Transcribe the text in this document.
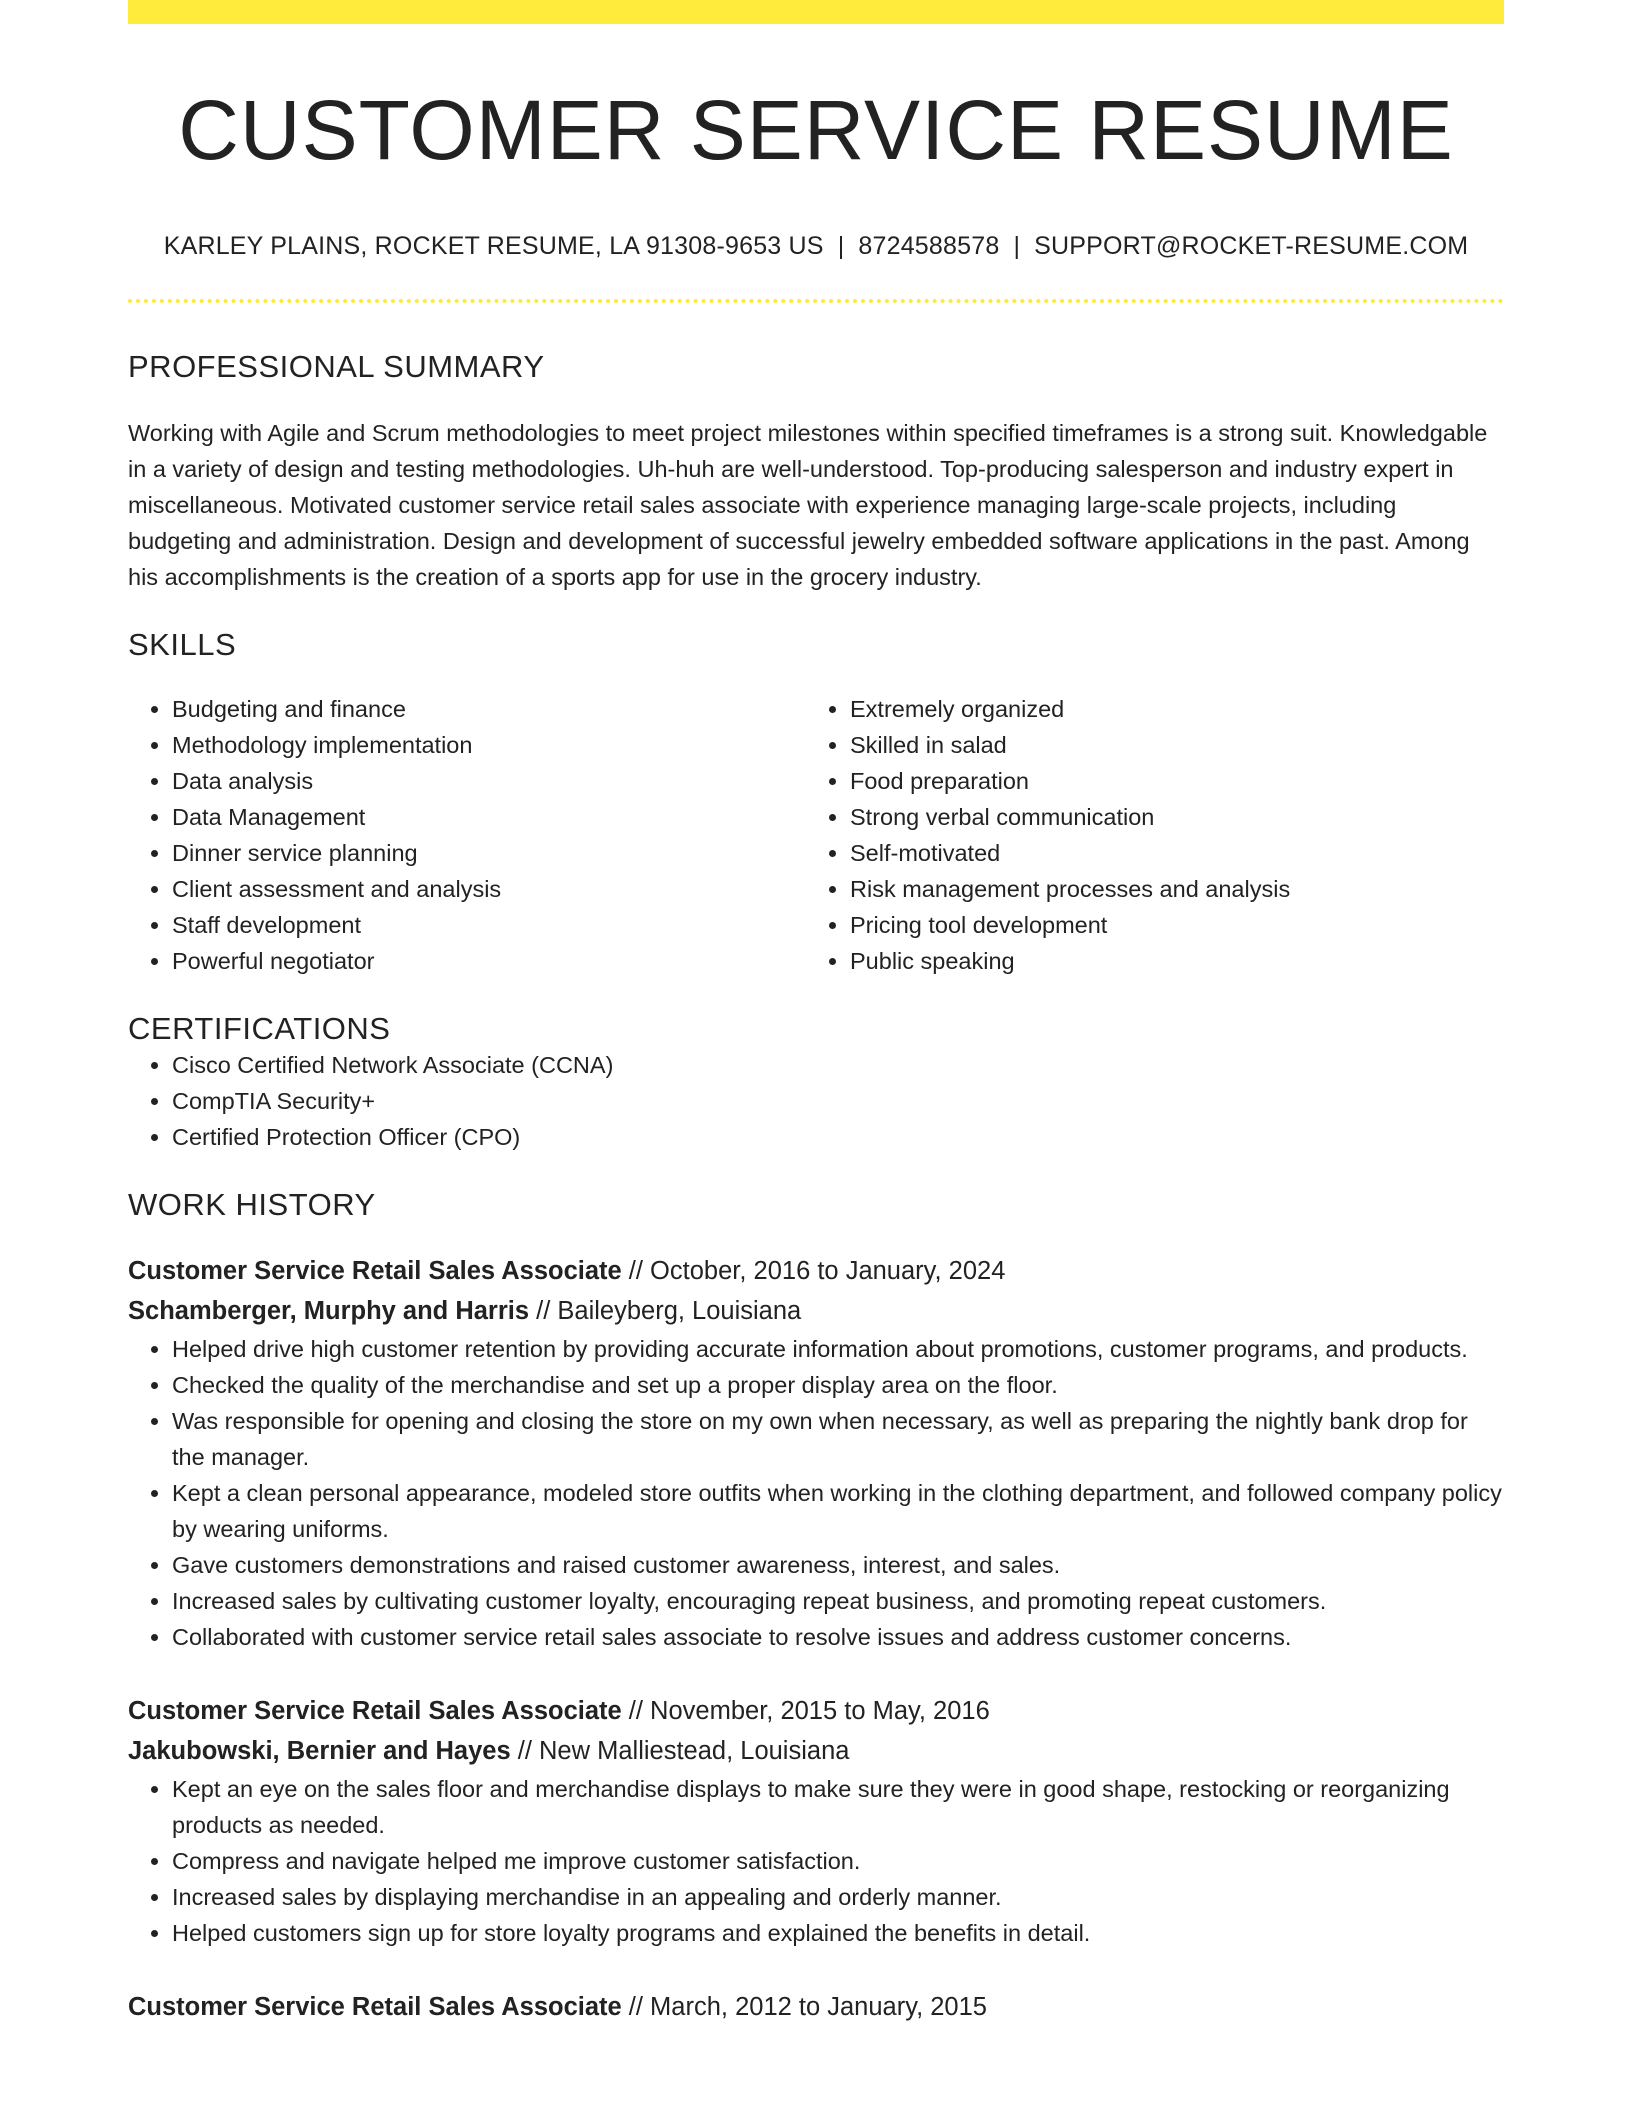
CUSTOMER SERVICE RESUME
KARLEY PLAINS, ROCKET RESUME, LA 91308-9653 US | 8724588578 | SUPPORT@ROCKET-RESUME.COM
PROFESSIONAL SUMMARY

Working with Agile and Scrum methodologies to meet project milestones within specified timeframes is a strong suit. Knowledgable in a variety of design and testing methodologies. Uh-huh are well-understood. Top-producing salesperson and industry expert in miscellaneous. Motivated customer service retail sales associate with experience managing large-scale projects, including budgeting and administration. Design and development of successful jewelry embedded software applications in the past. Among his accomplishments is the creation of a sports app for use in the grocery industry.

SKILLS
• Budgeting and finance
• Methodology implementation
• Data analysis
• Data Management
• Dinner service planning
• Client assessment and analysis
• Staff development
• Powerful negotiator
• Extremely organized
• Skilled in salad
• Food preparation
• Strong verbal communication
• Self-motivated
• Risk management processes and analysis
• Pricing tool development
• Public speaking
CERTIFICATIONS
• Cisco Certified Network Associate (CCNA)
• CompTIA Security+
• Certified Protection Officer (CPO)
WORK HISTORY
Customer Service Retail Sales Associate // October, 2016 to January, 2024
Schamberger, Murphy and Harris // Baileyberg, Louisiana
• Helped drive high customer retention by providing accurate information about promotions, customer programs, and products.
• Checked the quality of the merchandise and set up a proper display area on the floor.
• Was responsible for opening and closing the store on my own when necessary, as well as preparing the nightly bank drop for the manager.
• Kept a clean personal appearance, modeled store outfits when working in the clothing department, and followed company policy by wearing uniforms.
• Gave customers demonstrations and raised customer awareness, interest, and sales.
• Increased sales by cultivating customer loyalty, encouraging repeat business, and promoting repeat customers.
• Collaborated with customer service retail sales associate to resolve issues and address customer concerns.
Customer Service Retail Sales Associate // November, 2015 to May, 2016
Jakubowski, Bernier and Hayes // New Malliestead, Louisiana
• Kept an eye on the sales floor and merchandise displays to make sure they were in good shape, restocking or reorganizing products as needed.
• Compress and navigate helped me improve customer satisfaction.
• Increased sales by displaying merchandise in an appealing and orderly manner.
• Helped customers sign up for store loyalty programs and explained the benefits in detail.
Customer Service Retail Sales Associate // March, 2012 to January, 2015
